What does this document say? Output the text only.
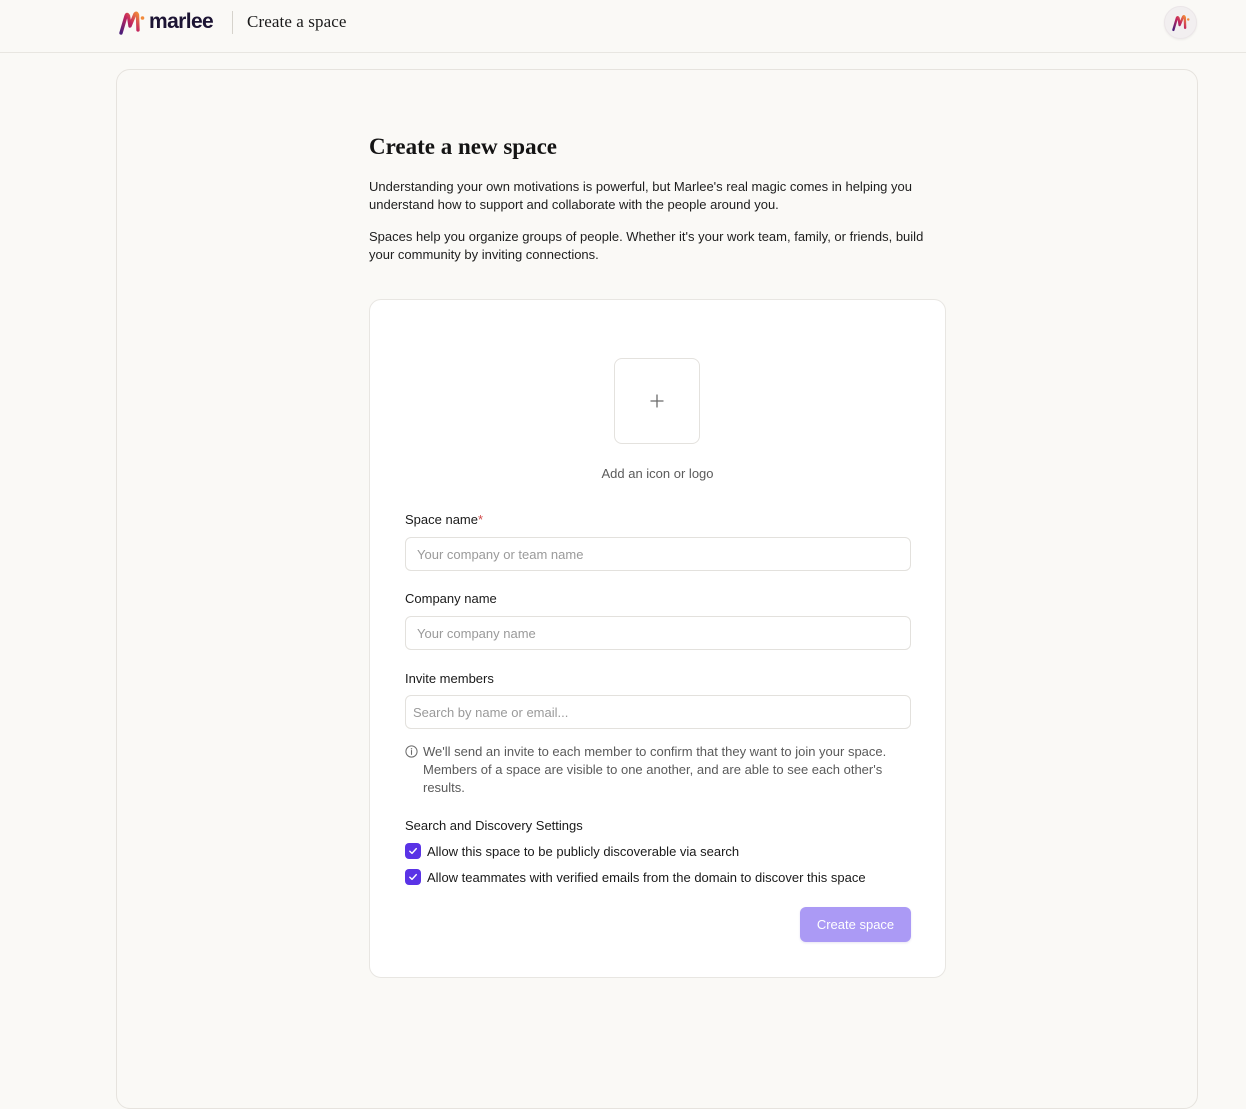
marlee Create a space
Create a new space

Understanding your own motivations is powerful, but Marlee's real magic comes in helping you understand how to support and collaborate with the people around you.

Spaces help you organize groups of people. Whether it's your work team, family, or friends, build your community by inviting connections.

Add an icon or logo
Space name*
Your company or team name
Company name
Your company name
Invite members
Search by name or email...
We'll send an invite to each member to confirm that they want to join your space. Members of a space are visible to one another, and are able to see each other's results.
Search and Discovery Settings
Allow this space to be publicly discoverable via search
Allow teammates with verified emails from the domain to discover this space
Create space
